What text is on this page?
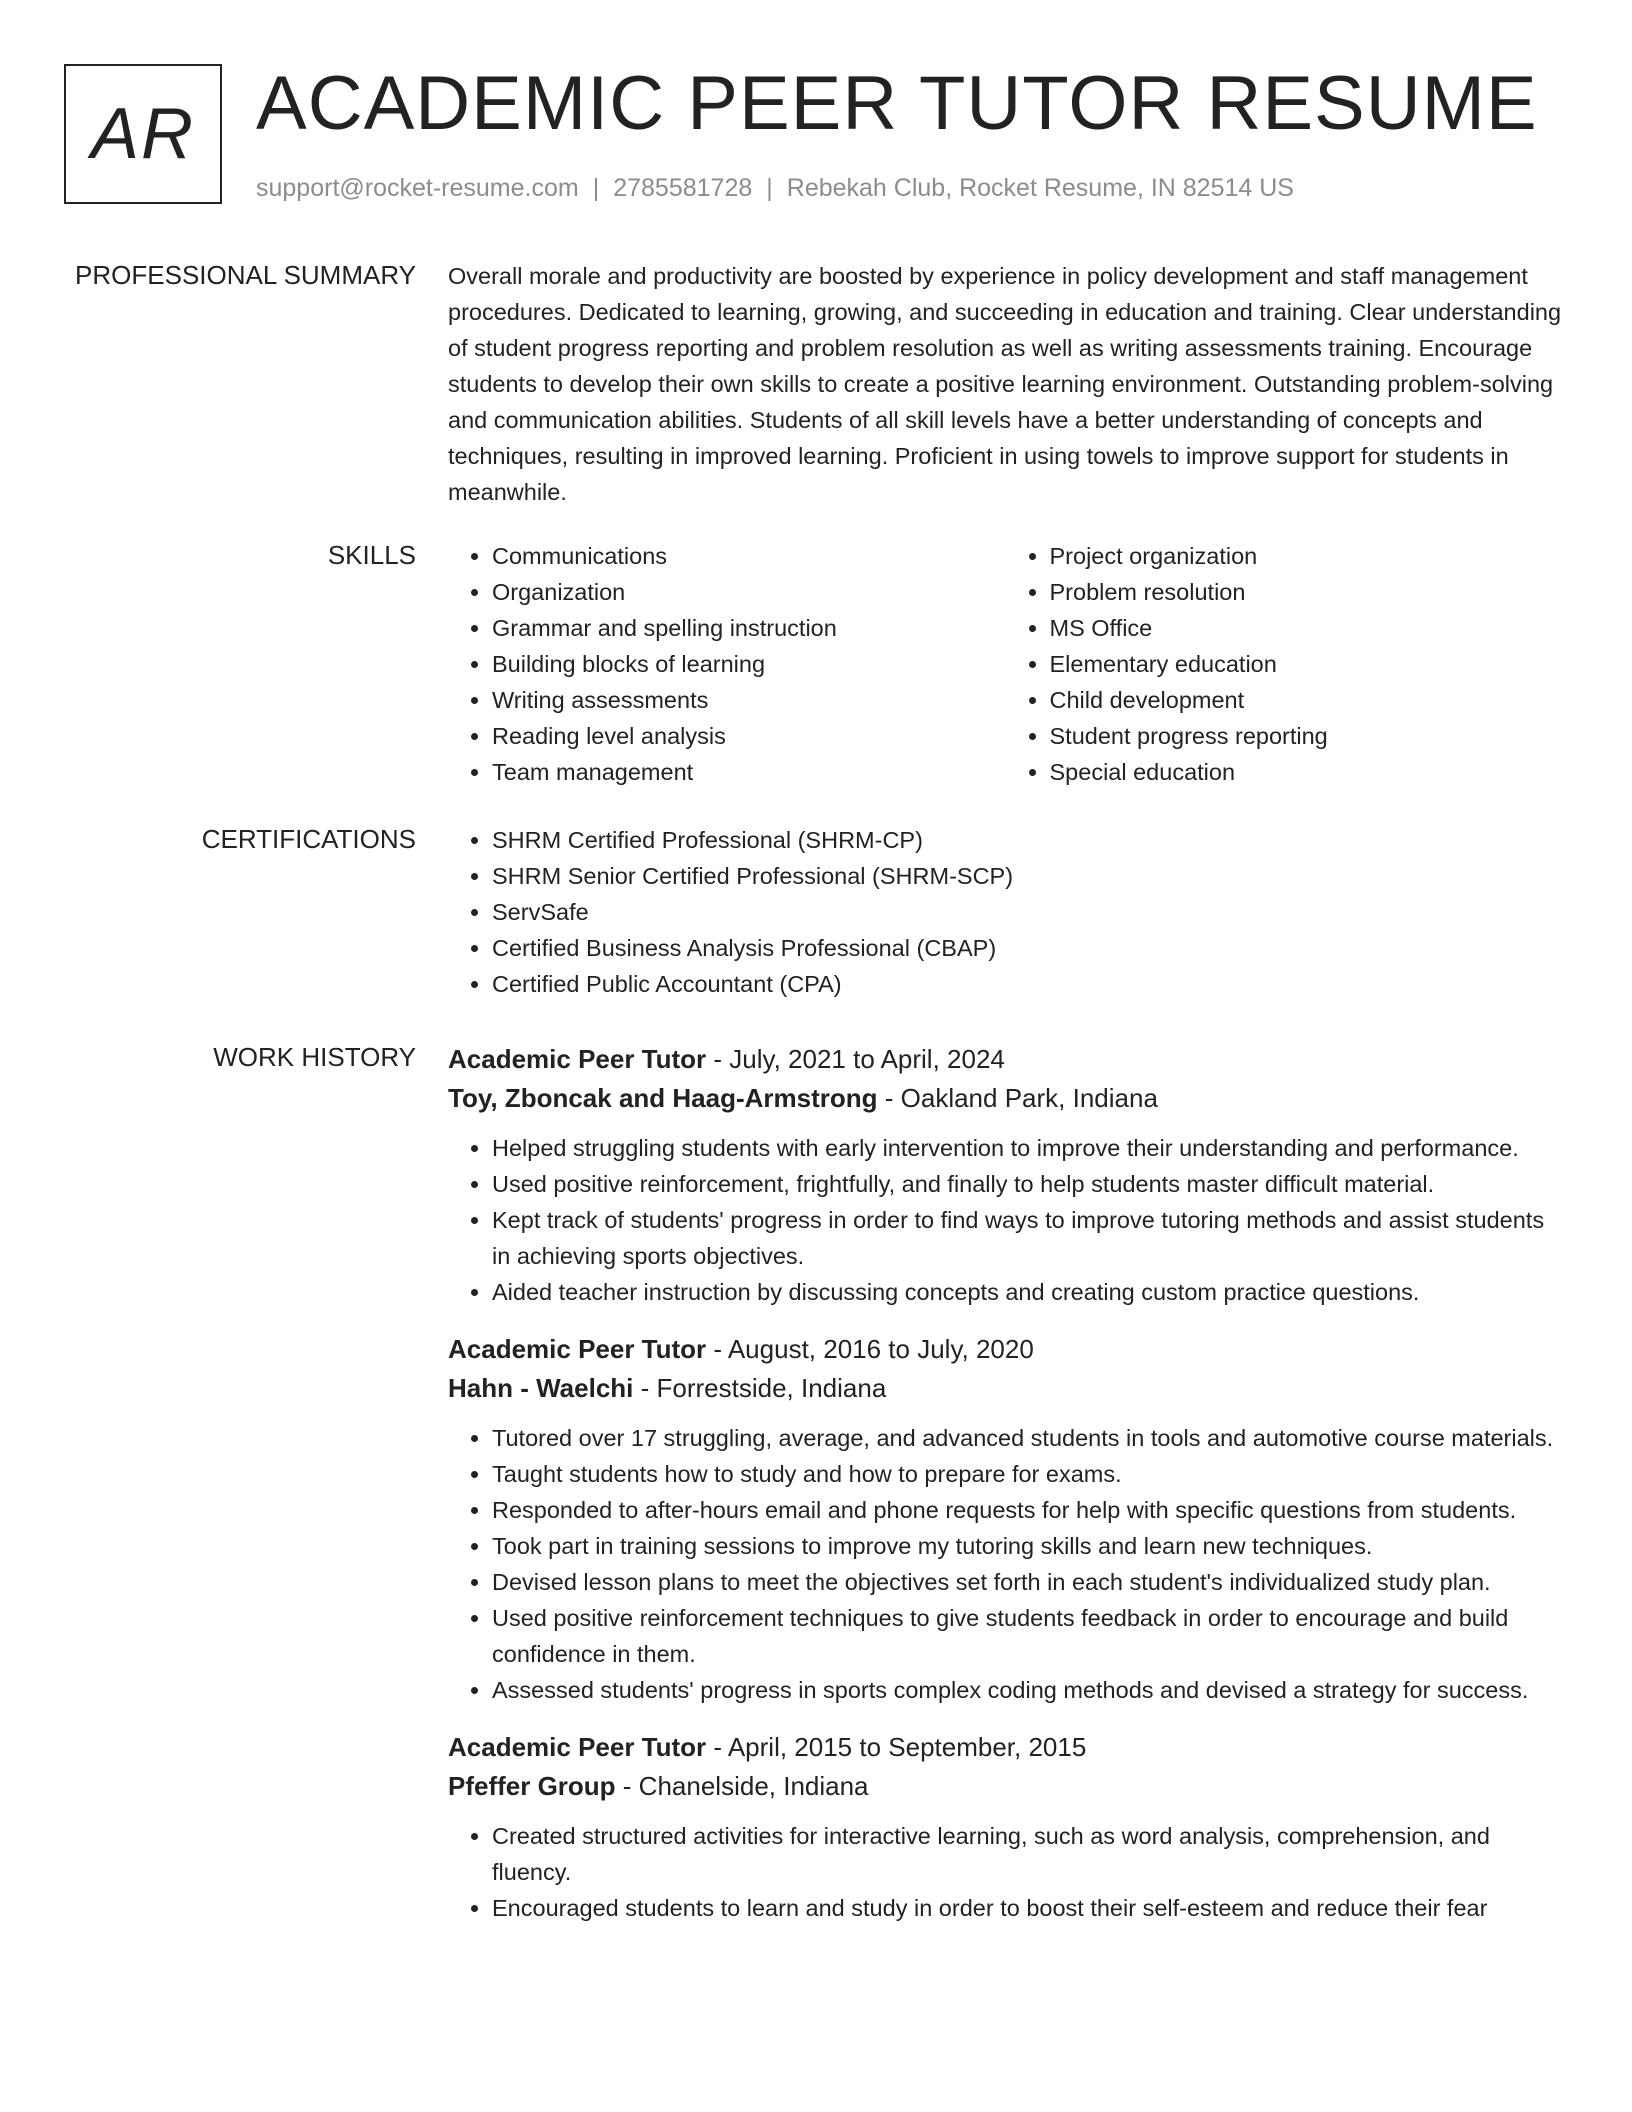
AR ACADEMIC PEER TUTOR RESUME
support@rocket-resume.com | 2785581728 | Rebekah Club, Rocket Resume, IN 82514 US
PROFESSIONAL SUMMARY Overall morale and productivity are boosted by experience in policy development and staff management procedures. Dedicated to learning, growing, and succeeding in education and training. Clear understanding of student progress reporting and problem resolution as well as writing assessments training. Encourage students to develop their own skills to create a positive learning environment. Outstanding problem-solving and communication abilities. Students of all skill levels have a better understanding of concepts and techniques, resulting in improved learning. Proficient in using towels to improve support for students in meanwhile.

SKILLS	• Communications
• Organization
• Grammar and spelling instruction
• Building blocks of learning
• Writing assessments
• Reading level analysis
• Team management
• Project organization
• Problem resolution
• MS Office
• Elementary education
• Child development
• Student progress reporting
• Special education
CERTIFICATIONS	• SHRM Certified Professional (SHRM-CP)
• SHRM Senior Certified Professional (SHRM-SCP)
• ServSafe
• Certified Business Analysis Professional (CBAP)
• Certified Public Accountant (CPA)
WORK HISTORY Academic Peer Tutor - July, 2021 to April, 2024
Toy, Zboncak and Haag-Armstrong - Oakland Park, Indiana
• Helped struggling students with early intervention to improve their understanding and performance.
• Used positive reinforcement, frightfully, and finally to help students master difficult material.
• Kept track of students' progress in order to find ways to improve tutoring methods and assist students in achieving sports objectives.
• Aided teacher instruction by discussing concepts and creating custom practice questions.
Academic Peer Tutor - August, 2016 to July, 2020
Hahn - Waelchi - Forrestside, Indiana
• Tutored over 17 struggling, average, and advanced students in tools and automotive course materials.
• Taught students how to study and how to prepare for exams.
• Responded to after-hours email and phone requests for help with specific questions from students.
• Took part in training sessions to improve my tutoring skills and learn new techniques.
• Devised lesson plans to meet the objectives set forth in each student's individualized study plan.
• Used positive reinforcement techniques to give students feedback in order to encourage and build confidence in them.
• Assessed students' progress in sports complex coding methods and devised a strategy for success.
Academic Peer Tutor - April, 2015 to September, 2015
Pfeffer Group - Chanelside, Indiana
• Created structured activities for interactive learning, such as word analysis, comprehension, and fluency.
• Encouraged students to learn and study in order to boost their self-esteem and reduce their fear
